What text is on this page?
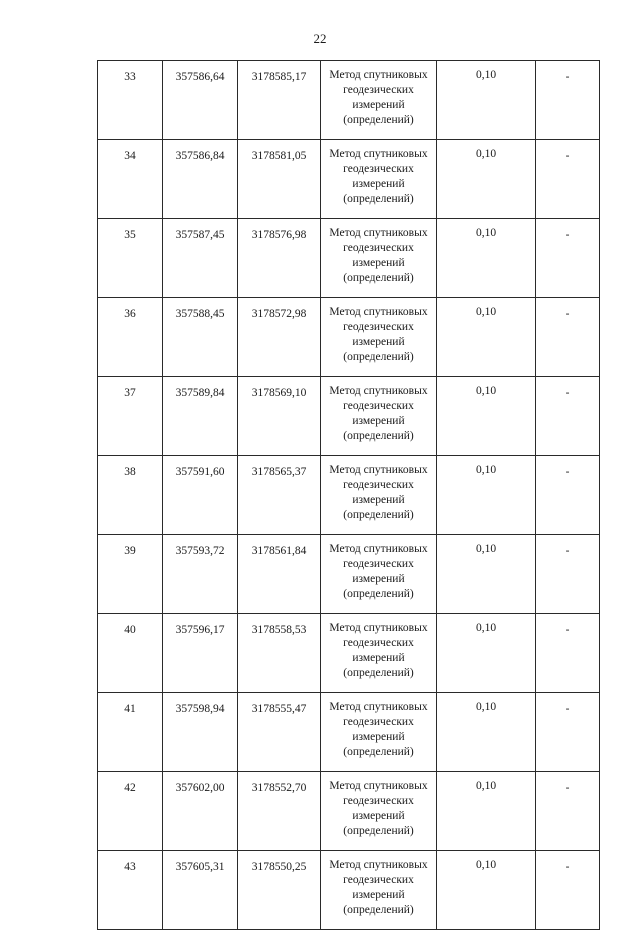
22
33	357586,64	3178585,17	Метод спутниковых геодезических измерений (определений)	0,10	-
34	357586,84	3178581,05	Метод спутниковых геодезических измерений (определений)	0,10	-
35	357587,45	3178576,98	Метод спутниковых геодезических измерений (определений)	0,10	-
36	357588,45	3178572,98	Метод спутниковых геодезических измерений (определений)	0,10	-
37	357589,84	3178569,10	Метод спутниковых геодезических измерений (определений)	0,10	-
38	357591,60	3178565,37	Метод спутниковых геодезических измерений (определений)	0,10	-
39	357593,72	3178561,84	Метод спутниковых геодезических измерений (определений)	0,10	-
40	357596,17	3178558,53	Метод спутниковых геодезических измерений (определений)	0,10	-
41	357598,94	3178555,47	Метод спутниковых геодезических измерений (определений)	0,10	-
42	357602,00	3178552,70	Метод спутниковых геодезических измерений (определений)	0,10	-
43	357605,31	3178550,25	Метод спутниковых геодезических измерений (определений)	0,10	-
